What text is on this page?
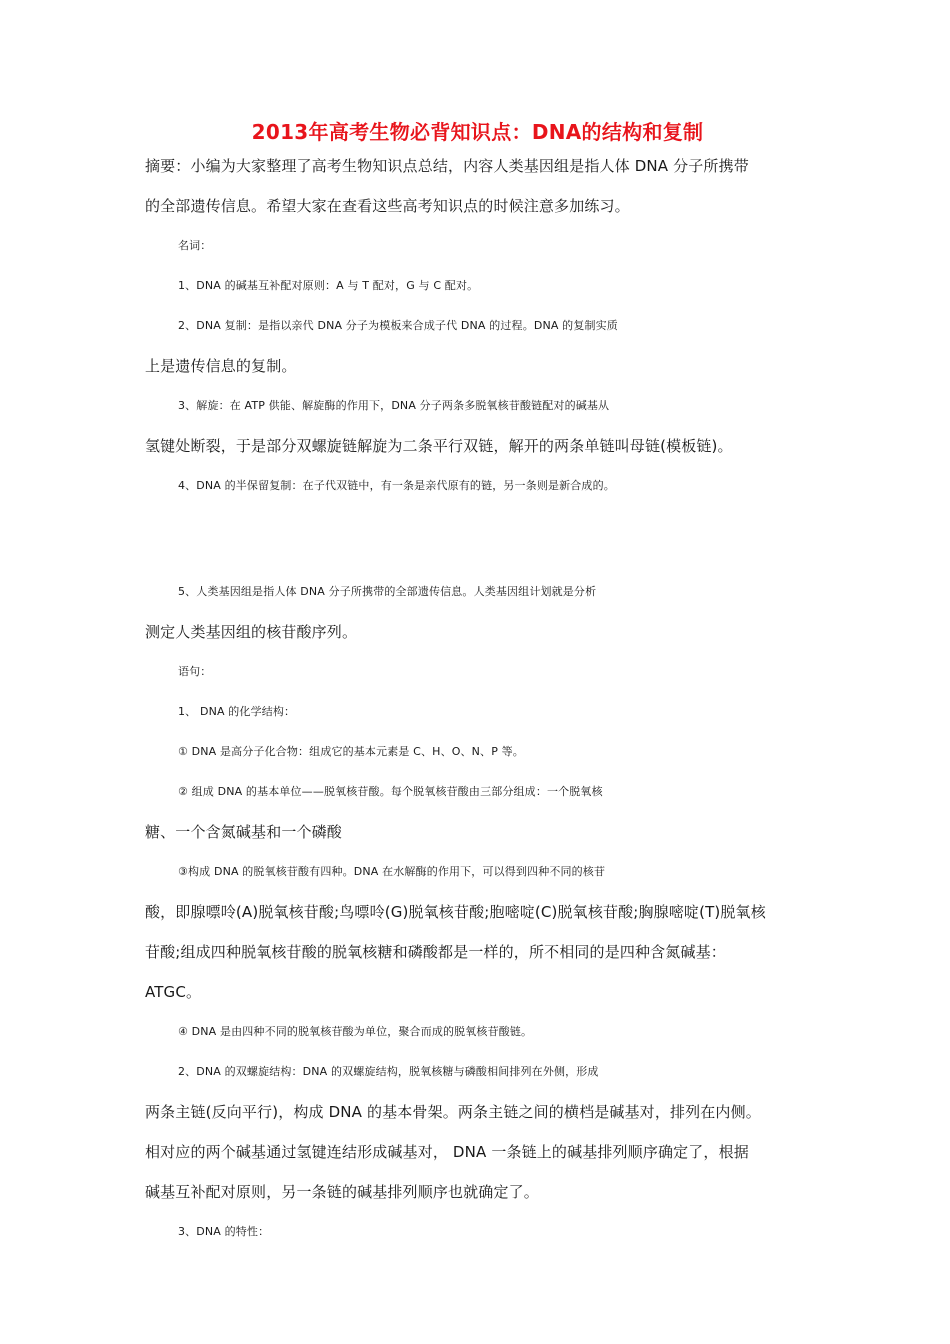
2013年高考生物必背知识点：DNA的结构和复制

摘要：小编为大家整理了高考生物知识点总结，内容人类基因组是指人体 DNA 分子所携带

的全部遗传信息。希望大家在查看这些高考知识点的时候注意多加练习。

名词：

1、DNA 的碱基互补配对原则：A 与 T 配对，G 与 C 配对。

2、DNA 复制：是指以亲代 DNA 分子为模板来合成子代 DNA 的过程。DNA 的复制实质

上是遗传信息的复制。

3、解旋：在 ATP 供能、解旋酶的作用下，DNA 分子两条多脱氧核苷酸链配对的碱基从

氢键处断裂，于是部分双螺旋链解旋为二条平行双链，解开的两条单链叫母链(模板链)。

4、DNA 的半保留复制：在子代双链中，有一条是亲代原有的链，另一条则是新合成的。

5、人类基因组是指人体 DNA 分子所携带的全部遗传信息。人类基因组计划就是分析

测定人类基因组的核苷酸序列。

语句：

1、 DNA 的化学结构：

① DNA 是高分子化合物：组成它的基本元素是 C、H、O、N、P 等。

② 组成 DNA 的基本单位——脱氧核苷酸。每个脱氧核苷酸由三部分组成：一个脱氧核

糖、一个含氮碱基和一个磷酸

③构成 DNA 的脱氧核苷酸有四种。DNA 在水解酶的作用下，可以得到四种不同的核苷

酸，即腺嘌呤(A)脱氧核苷酸;鸟嘌呤(G)脱氧核苷酸;胞嘧啶(C)脱氧核苷酸;胸腺嘧啶(T)脱氧核

苷酸;组成四种脱氧核苷酸的脱氧核糖和磷酸都是一样的，所不相同的是四种含氮碱基：

ATGC。

④ DNA 是由四种不同的脱氧核苷酸为单位，聚合而成的脱氧核苷酸链。

2、DNA 的双螺旋结构：DNA 的双螺旋结构，脱氧核糖与磷酸相间排列在外侧，形成

两条主链(反向平行)，构成 DNA 的基本骨架。两条主链之间的横档是碱基对，排列在内侧。

相对应的两个碱基通过氢键连结形成碱基对， DNA 一条链上的碱基排列顺序确定了，根据

碱基互补配对原则，另一条链的碱基排列顺序也就确定了。

3、DNA 的特性：
